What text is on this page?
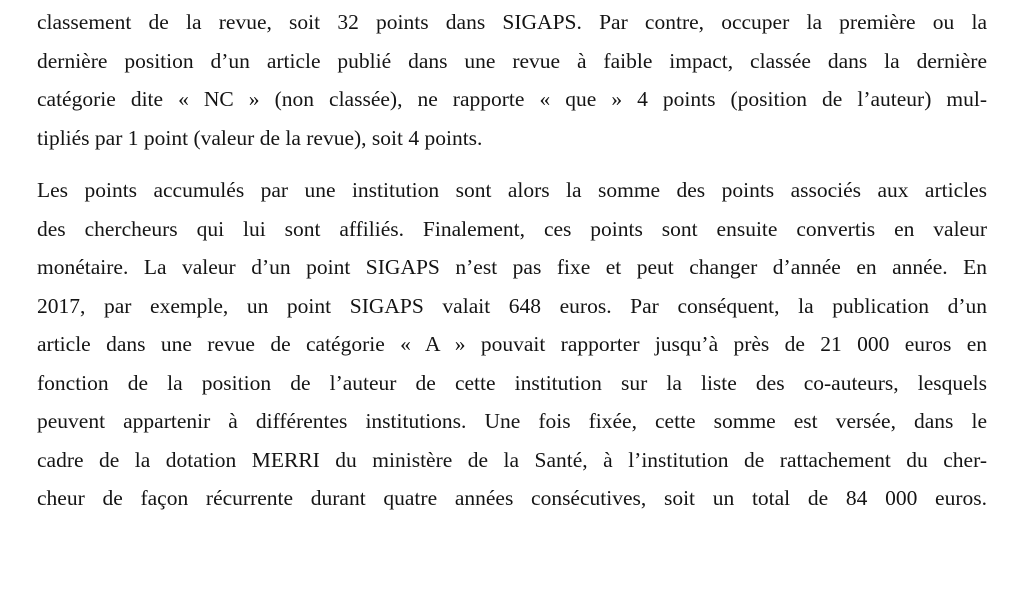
classement de la revue, soit 32 points dans SIGAPS. Par contre, occuper la première ou la
dernière position d’un article publié dans une revue à faible impact, classée dans la dernière
catégorie dite « NC » (non classée), ne rapporte « que » 4 points (position de l’auteur) mul-
tipliés par 1 point (valeur de la revue), soit 4 points.
Les points accumulés par une institution sont alors la somme des points associés aux articles
des chercheurs qui lui sont affiliés. Finalement, ces points sont ensuite convertis en valeur
monétaire. La valeur d’un point SIGAPS n’est pas fixe et peut changer d’année en année. En
2017, par exemple, un point SIGAPS valait 648 euros. Par conséquent, la publication d’un
article dans une revue de catégorie « A » pouvait rapporter jusqu’à près de 21 000 euros en
fonction de la position de l’auteur de cette institution sur la liste des co-auteurs, lesquels
peuvent appartenir à différentes institutions. Une fois fixée, cette somme est versée, dans le
cadre de la dotation MERRI du ministère de la Santé, à l’institution de rattachement du cher-
cheur de façon récurrente durant quatre années consécutives, soit un total de 84 000 euros.
